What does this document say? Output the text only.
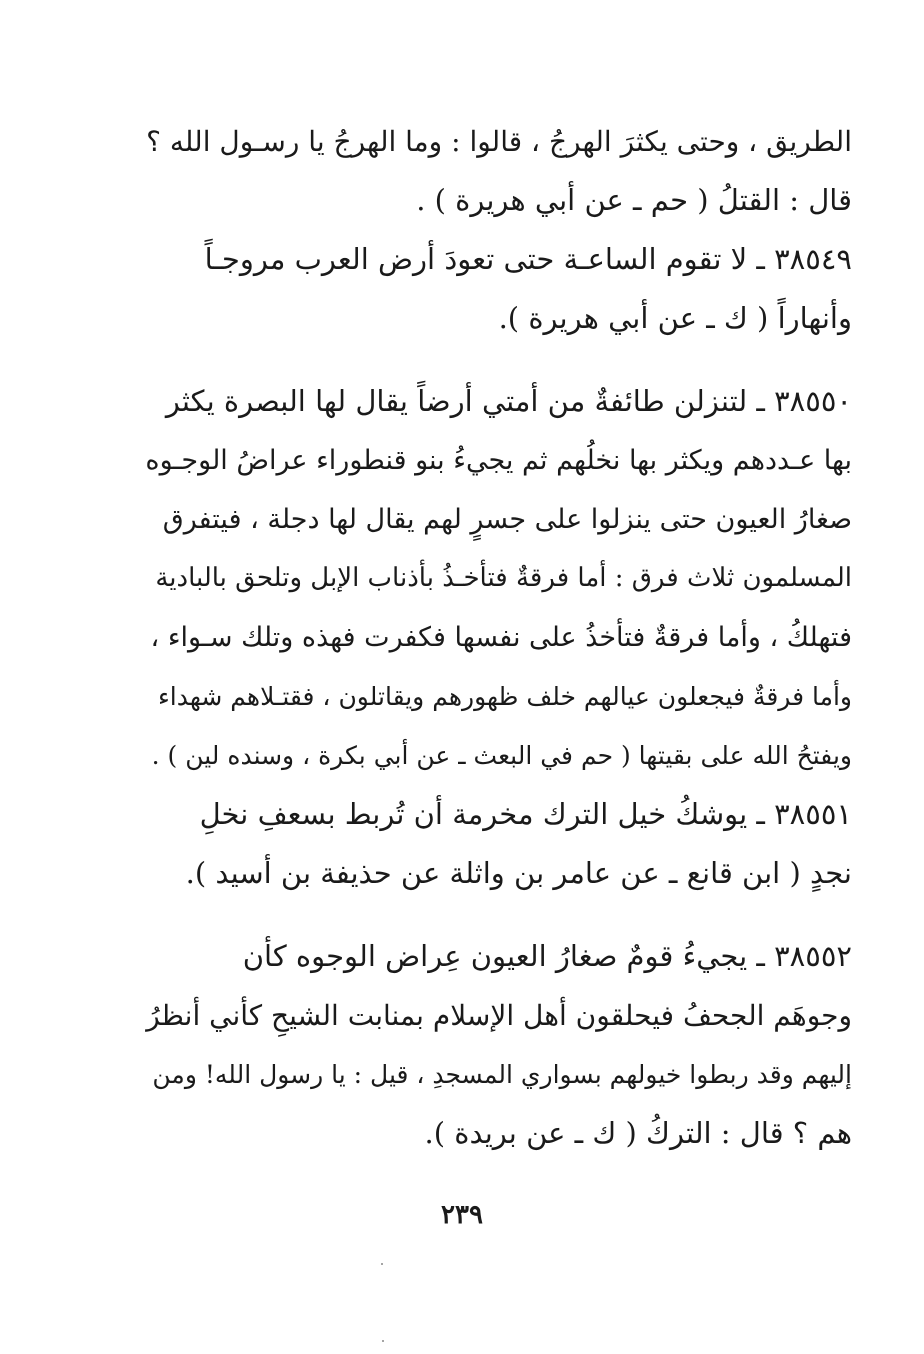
الطريق ، وحتى يكثرَ الهرجُ ، قالوا : وما الهرجُ يا رسـول الله ؟
قال : القتلُ ( حم ـ عن أبي هريرة ) .
٣٨٥٤٩ ـ لا تقوم الساعـة حتى تعودَ أرض العرب مروجـاً
وأنهاراً ( ك ـ عن أبي هريرة ).
٣٨٥٥٠ ـ لتنزلن طائفةٌ من أمتي أرضاً يقال لها البصرة يكثر
بها عـددهم ويكثر بها نخلُهم ثم يجيءُ بنو قنطوراء عراضُ الوجـوه
صغارُ العيون حتى ينزلوا على جسرٍ لهم يقال لها دجلة ، فيتفرق
المسلمون ثلاث فرق : أما فرقةٌ فتأخـذُ بأذناب الإبل وتلحق بالبادية
فتهلكُ ، وأما فرقةٌ فتأخذُ على نفسها فكفرت فهذه وتلك سـواء ،
وأما فرقةٌ فيجعلون عيالهم خلف ظهورهم ويقاتلون ، فقتـلاهم شهداء
ويفتحُ الله على بقيتها ( حم في البعث ـ عن أبي بكرة ، وسنده لين ) .
٣٨٥٥١ ـ يوشكُ خيل الترك مخرمة أن تُربط بسعفِ نخلِ
نجدٍ ( ابن قانع ـ عن عامر بن واثلة عن حذيفة بن أسيد ).
٣٨٥٥٢ ـ يجيءُ قومٌ صغارُ العيون عِراض الوجوه كأن
وجوهَم الجحفُ فيحلقون أهل الإسلام بمنابت الشيحِ كأني أنظرُ
إليهم وقد ربطوا خيولهم بسواري المسجدِ ، قيل : يا رسول الله! ومن
هم ؟ قال : التركُ ( ك ـ عن بريدة ).
٢٣٩
